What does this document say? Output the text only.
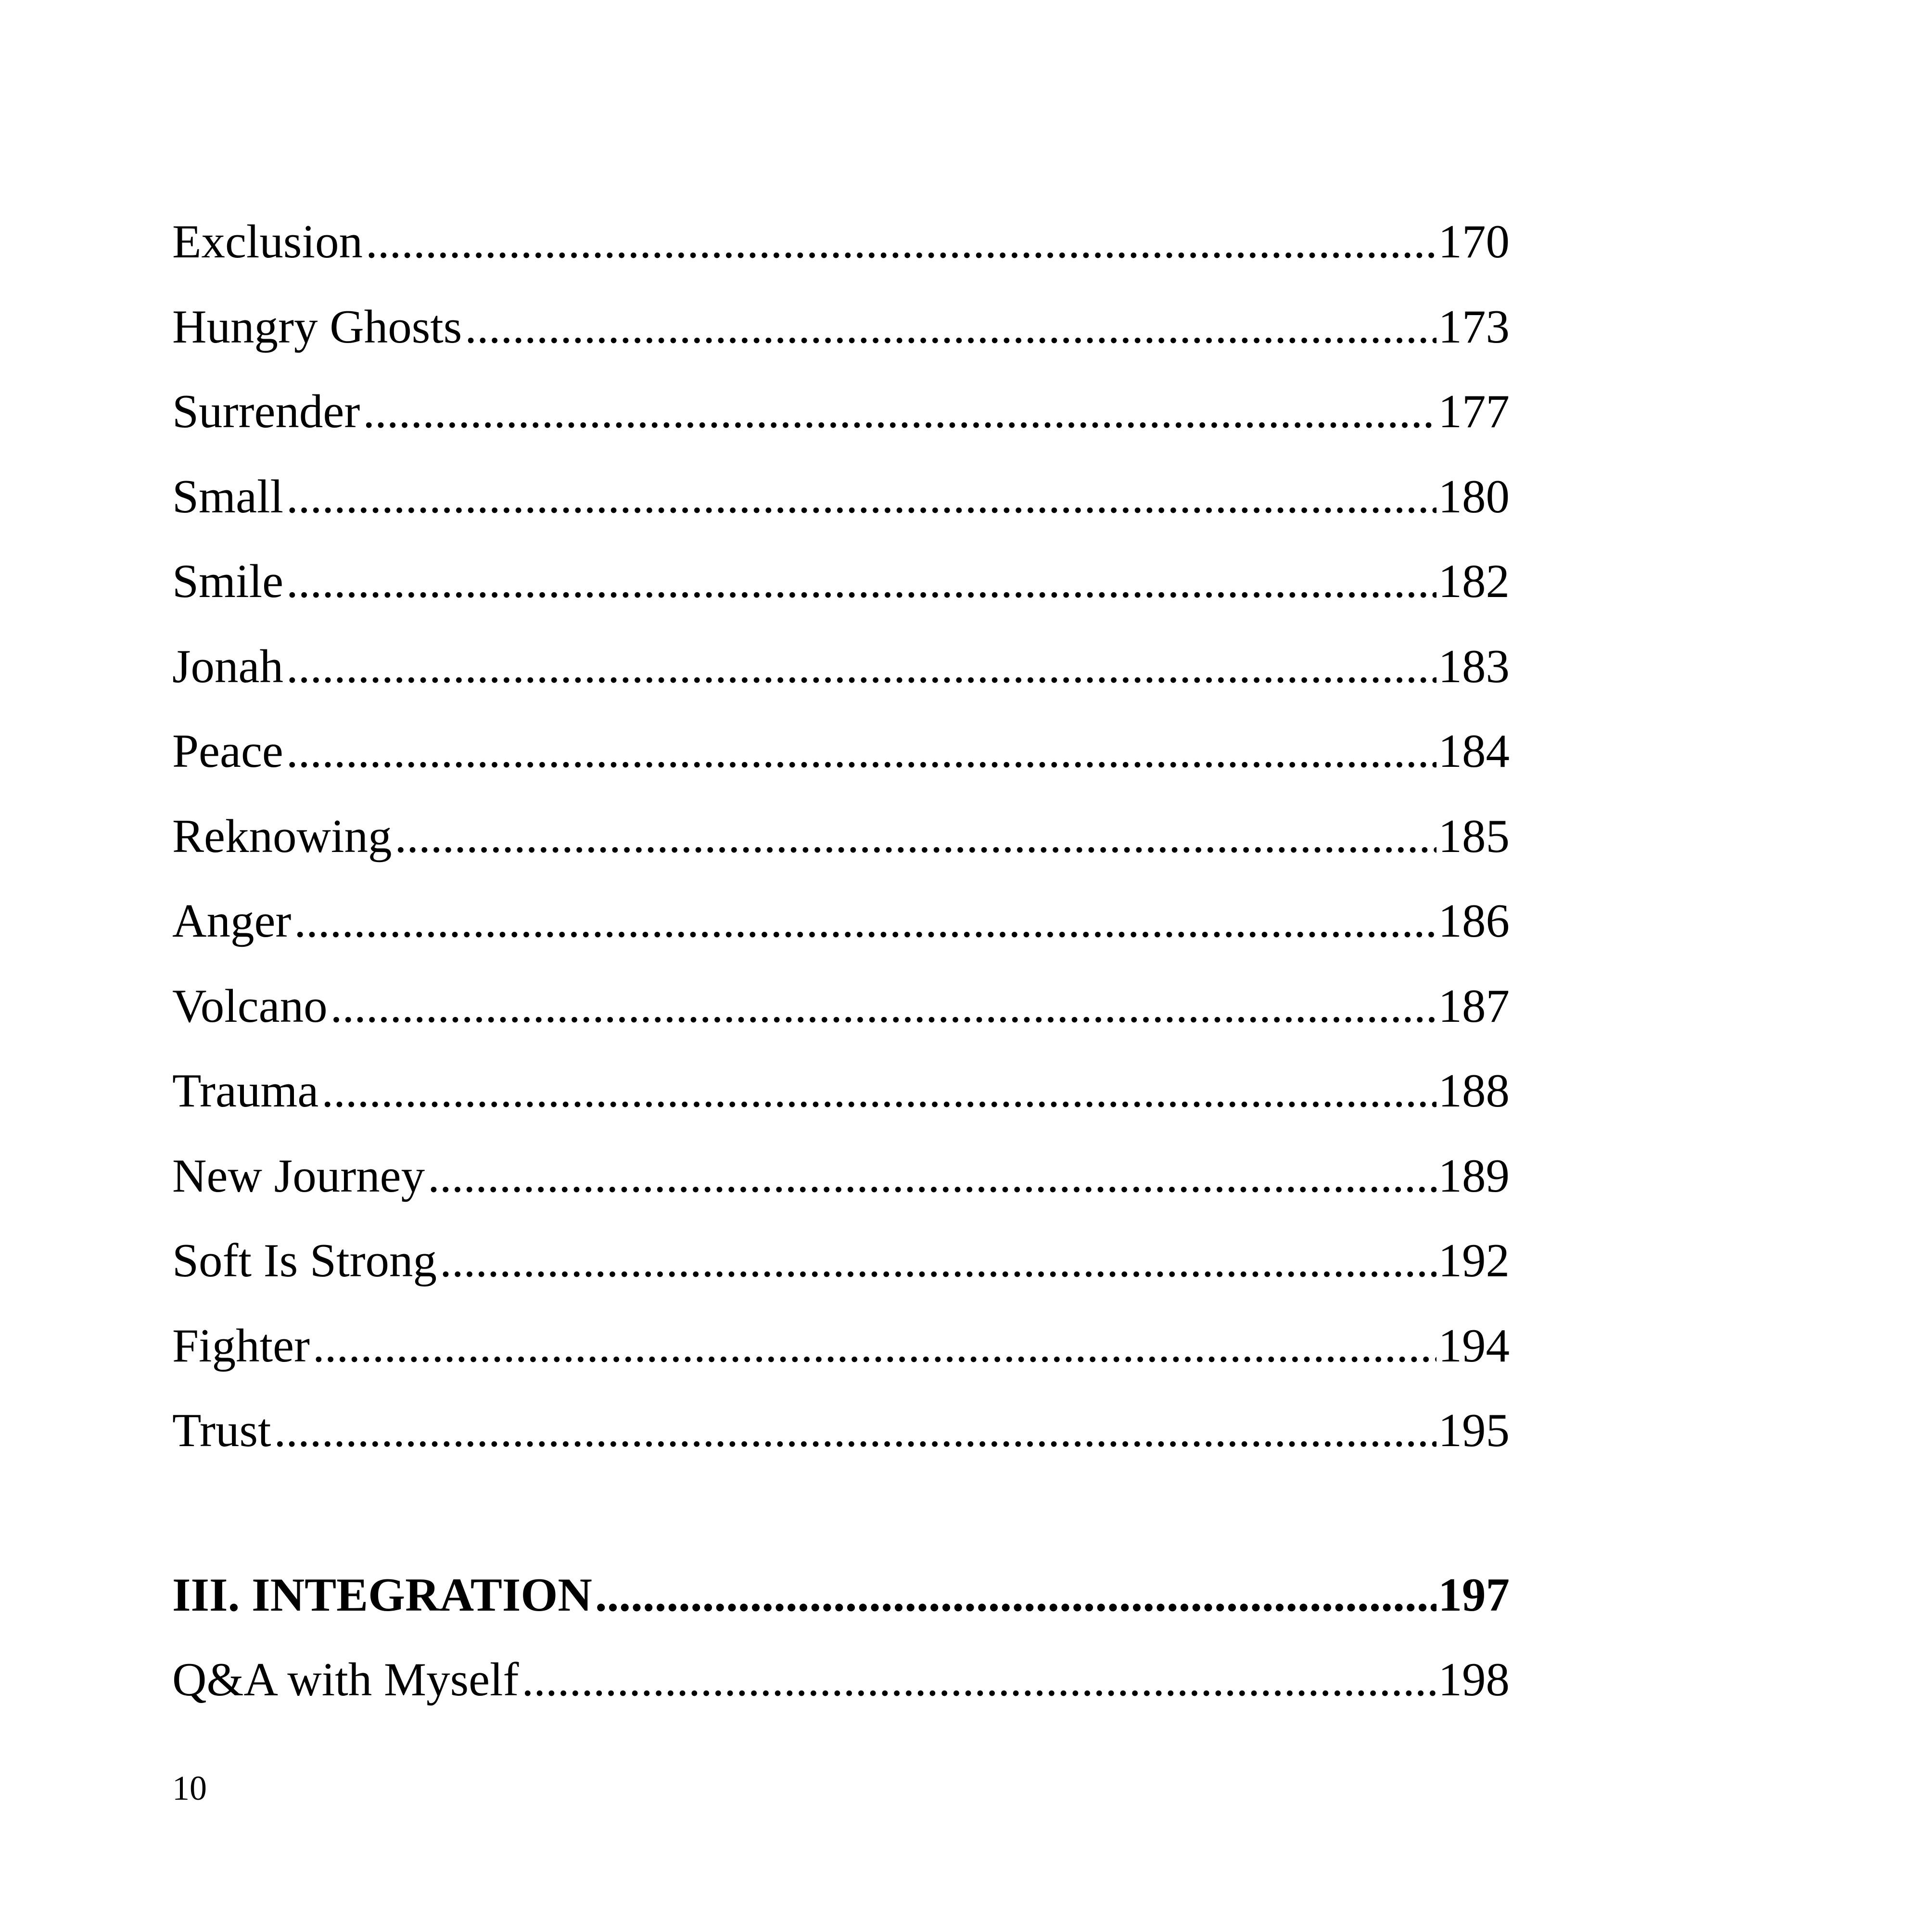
Exclusion .....	170
Hungry Ghosts .....	173
Surrender .....	177
Small .....	180
Smile .....	182
Jonah .....	183
Peace .....	184
Reknowing .....	185
Anger .....	186
Volcano .....	187
Trauma .....	188
New Journey .....	189
Soft Is Strong .....	192
Fighter .....	194
Trust .....	195
III. INTEGRATION .....	197
Q&A with Myself .....	198
10
